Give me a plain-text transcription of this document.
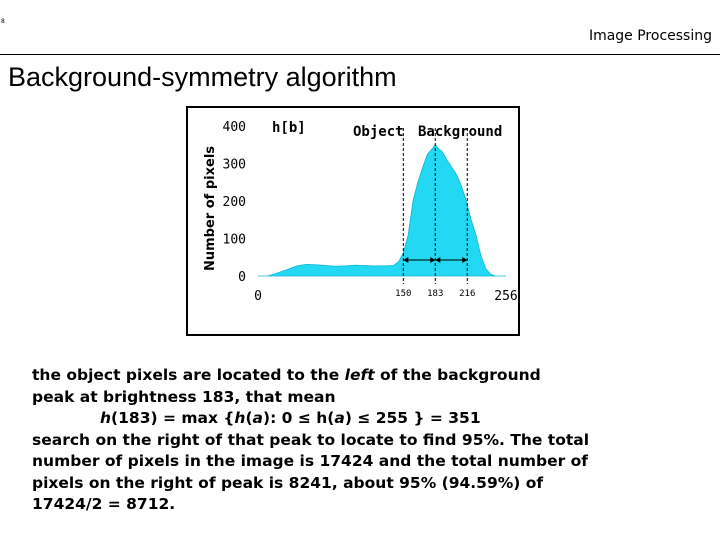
8
Image Processing
Background-symmetry algorithm
Number of pixels
h[b]	Object Background
400
300
200
100
0
0	150 183 216 256

the object pixels are located to the left of the background

peak at brightness 183, that mean

h(183) = max {h(a): 0 ≤ h(a) ≤ 255 } = 351

search on the right of that peak to locate to find 95%. The total

number of pixels in the image is 17424 and the total number of

pixels on the right of peak is 8241, about 95% (94.59%) of

17424/2 = 8712.
